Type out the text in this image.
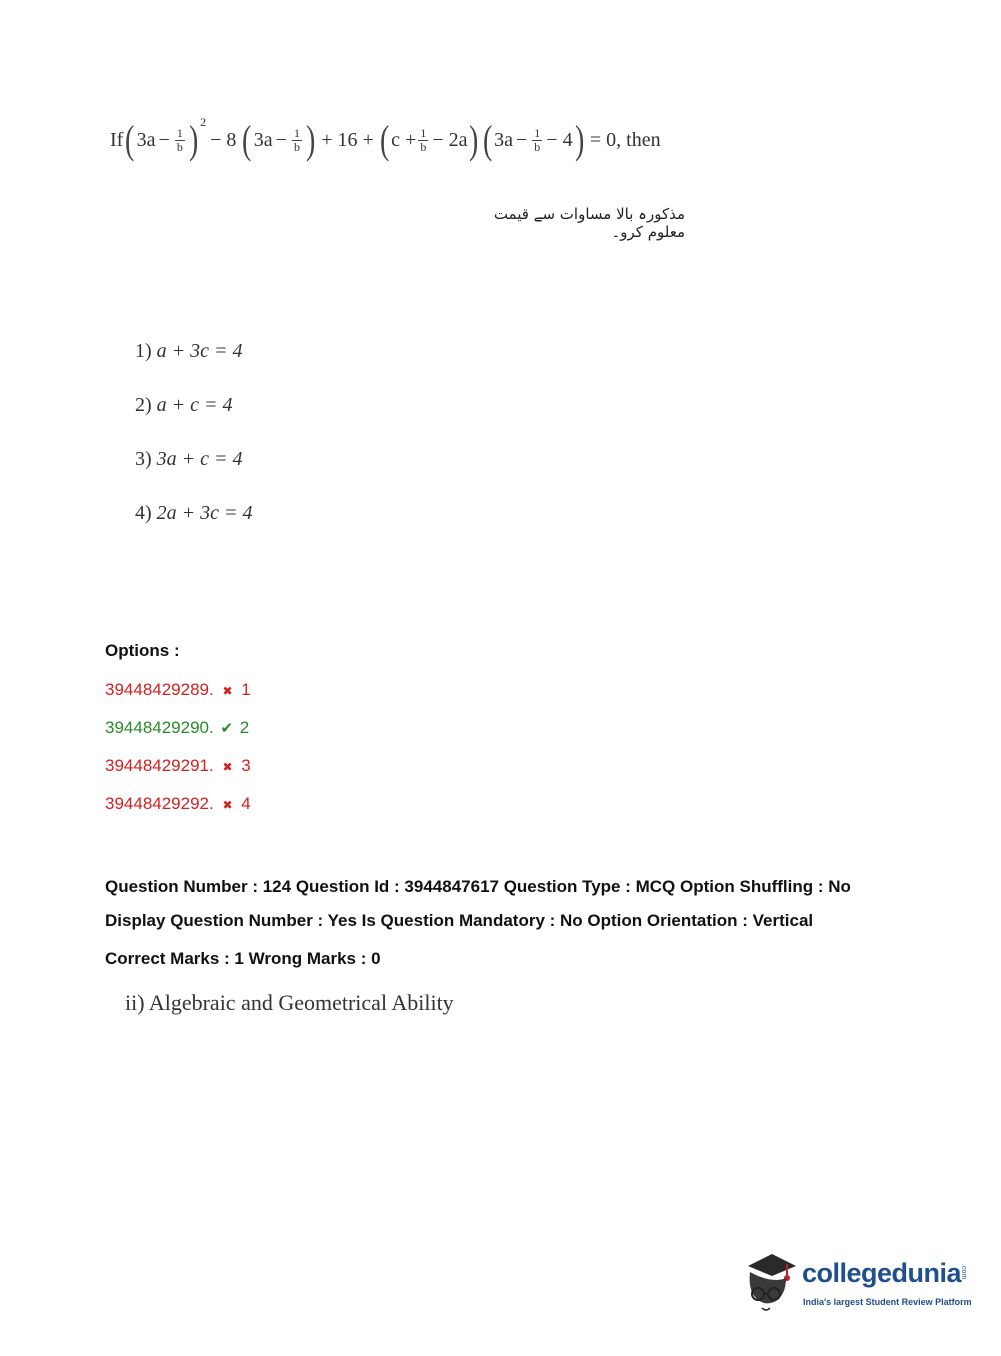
If ( $3a - \frac{1}{b}$ ) 2
− 8 ( $3a - \frac{1}{b}$ ) + 16 + ( $c + \frac{1}{b} - 2a$ ) ( $3a - \frac{1}{b} - 4$ ) = 0, then
مذکورہ بالا مساوات سے قیمت معلوم کرو۔
1) a + 3c = 4
2) a + c = 4
3) 3a + c = 4
4) 2a + 3c = 4
Options :
39448429289. ✖ 1
39448429290. ✔ 2
39448429291. ✖ 3
39448429292. ✖ 4
Question Number : 124 Question Id : 3944847617 Question Type : MCQ Option Shuffling : No
Display Question Number : Yes Is Question Mandatory : No Option Orientation : Vertical
Correct Marks : 1 Wrong Marks : 0
ii) Algebraic and Geometrical Ability
collegedunia
.com
India's largest Student Review Platform
